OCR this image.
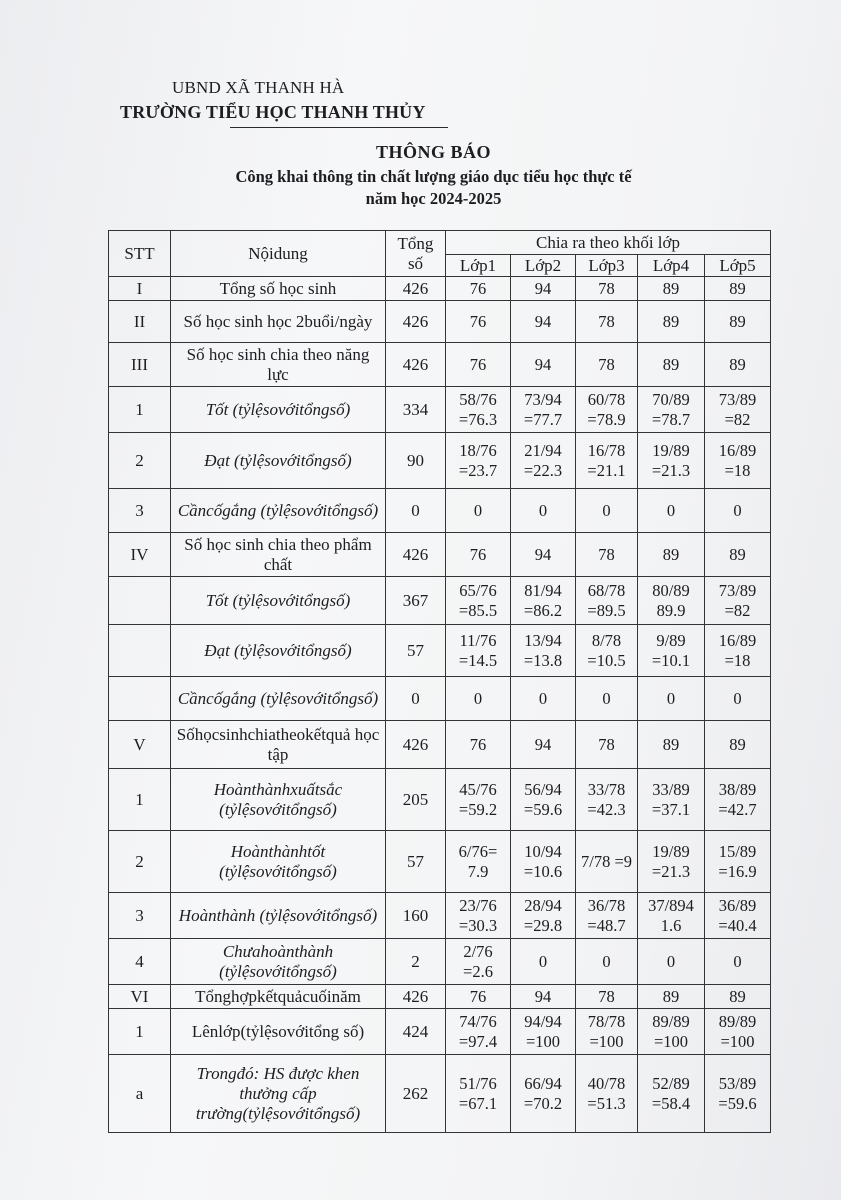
UBND XÃ THANH HÀ
TRƯỜNG TIỂU HỌC THANH THỦY
THÔNG BÁO
Công khai thông tin chất lượng giáo dục tiểu học thực tế
năm học 2024-2025
STT	Nộidung	Tổng số	Chia ra theo khối lớp				
			Lớp1	Lớp2	Lớp3	Lớp4	Lớp5
I	Tổng số học sinh	426	76	94	78	89	89
II	Số học sinh học 2buổi/ngày	426	76	94	78	89	89
III	Số học sinh chia theo năng lực	426	76	94	78	89	89
1	Tốt (tỷlệsovớitổngsố)	334	58/76 =76.3	73/94 =77.7	60/78 =78.9	70/89 =78.7	73/89 =82
2	Đạt (tỷlệsovớitổngsố)	90	18/76 =23.7	21/94 =22.3	16/78 =21.1	19/89 =21.3	16/89 =18
3	Cầncốgắng (tỷlệsovớitổngsố)	0	0	0	0	0	0
IV	Số học sinh chia theo phẩm chất	426	76	94	78	89	89
	Tốt (tỷlệsovớitổngsố)	367	65/76 =85.5	81/94 =86.2	68/78 =89.5	80/89 89.9	73/89 =82
	Đạt (tỷlệsovớitổngsố)	57	11/76 =14.5	13/94 =13.8	8/78 =10.5	9/89 =10.1	16/89 =18
	Cầncốgắng (tỷlệsovớitổngsố)	0	0	0	0	0	0
V	Sốhọcsinhchiatheokếtquả học tập	426	76	94	78	89	89
1	Hoànthànhxuấtsắc (tỷlệsovớitổngsố)	205	45/76 =59.2	56/94 =59.6	33/78 =42.3	33/89 =37.1	38/89 =42.7
2	Hoànthànhtốt (tỷlệsovớitổngsố)	57	6/76= 7.9	10/94 =10.6	7/78 =9	19/89 =21.3	15/89 =16.9
3	Hoànthành (tỷlệsovớitổngsố)	160	23/76 =30.3	28/94 =29.8	36/78 =48.7	37/894 1.6	36/89 =40.4
4	Chưahoànthành (tỷlệsovớitổngsố)	2	2/76 =2.6	0	0	0	0
VI	Tổnghợpkếtquảcuốinăm	426	76	94	78	89	89
1	Lênlớp(tỷlệsovớitổng số)	424	74/76 =97.4	94/94 =100	78/78 =100	89/89 =100	89/89 =100
a	Trongđó: HS được khen thưởng cấp trường(tỷlệsovớitổngsố)	262	51/76 =67.1	66/94 =70.2	40/78 =51.3	52/89 =58.4	53/89 =59.6
